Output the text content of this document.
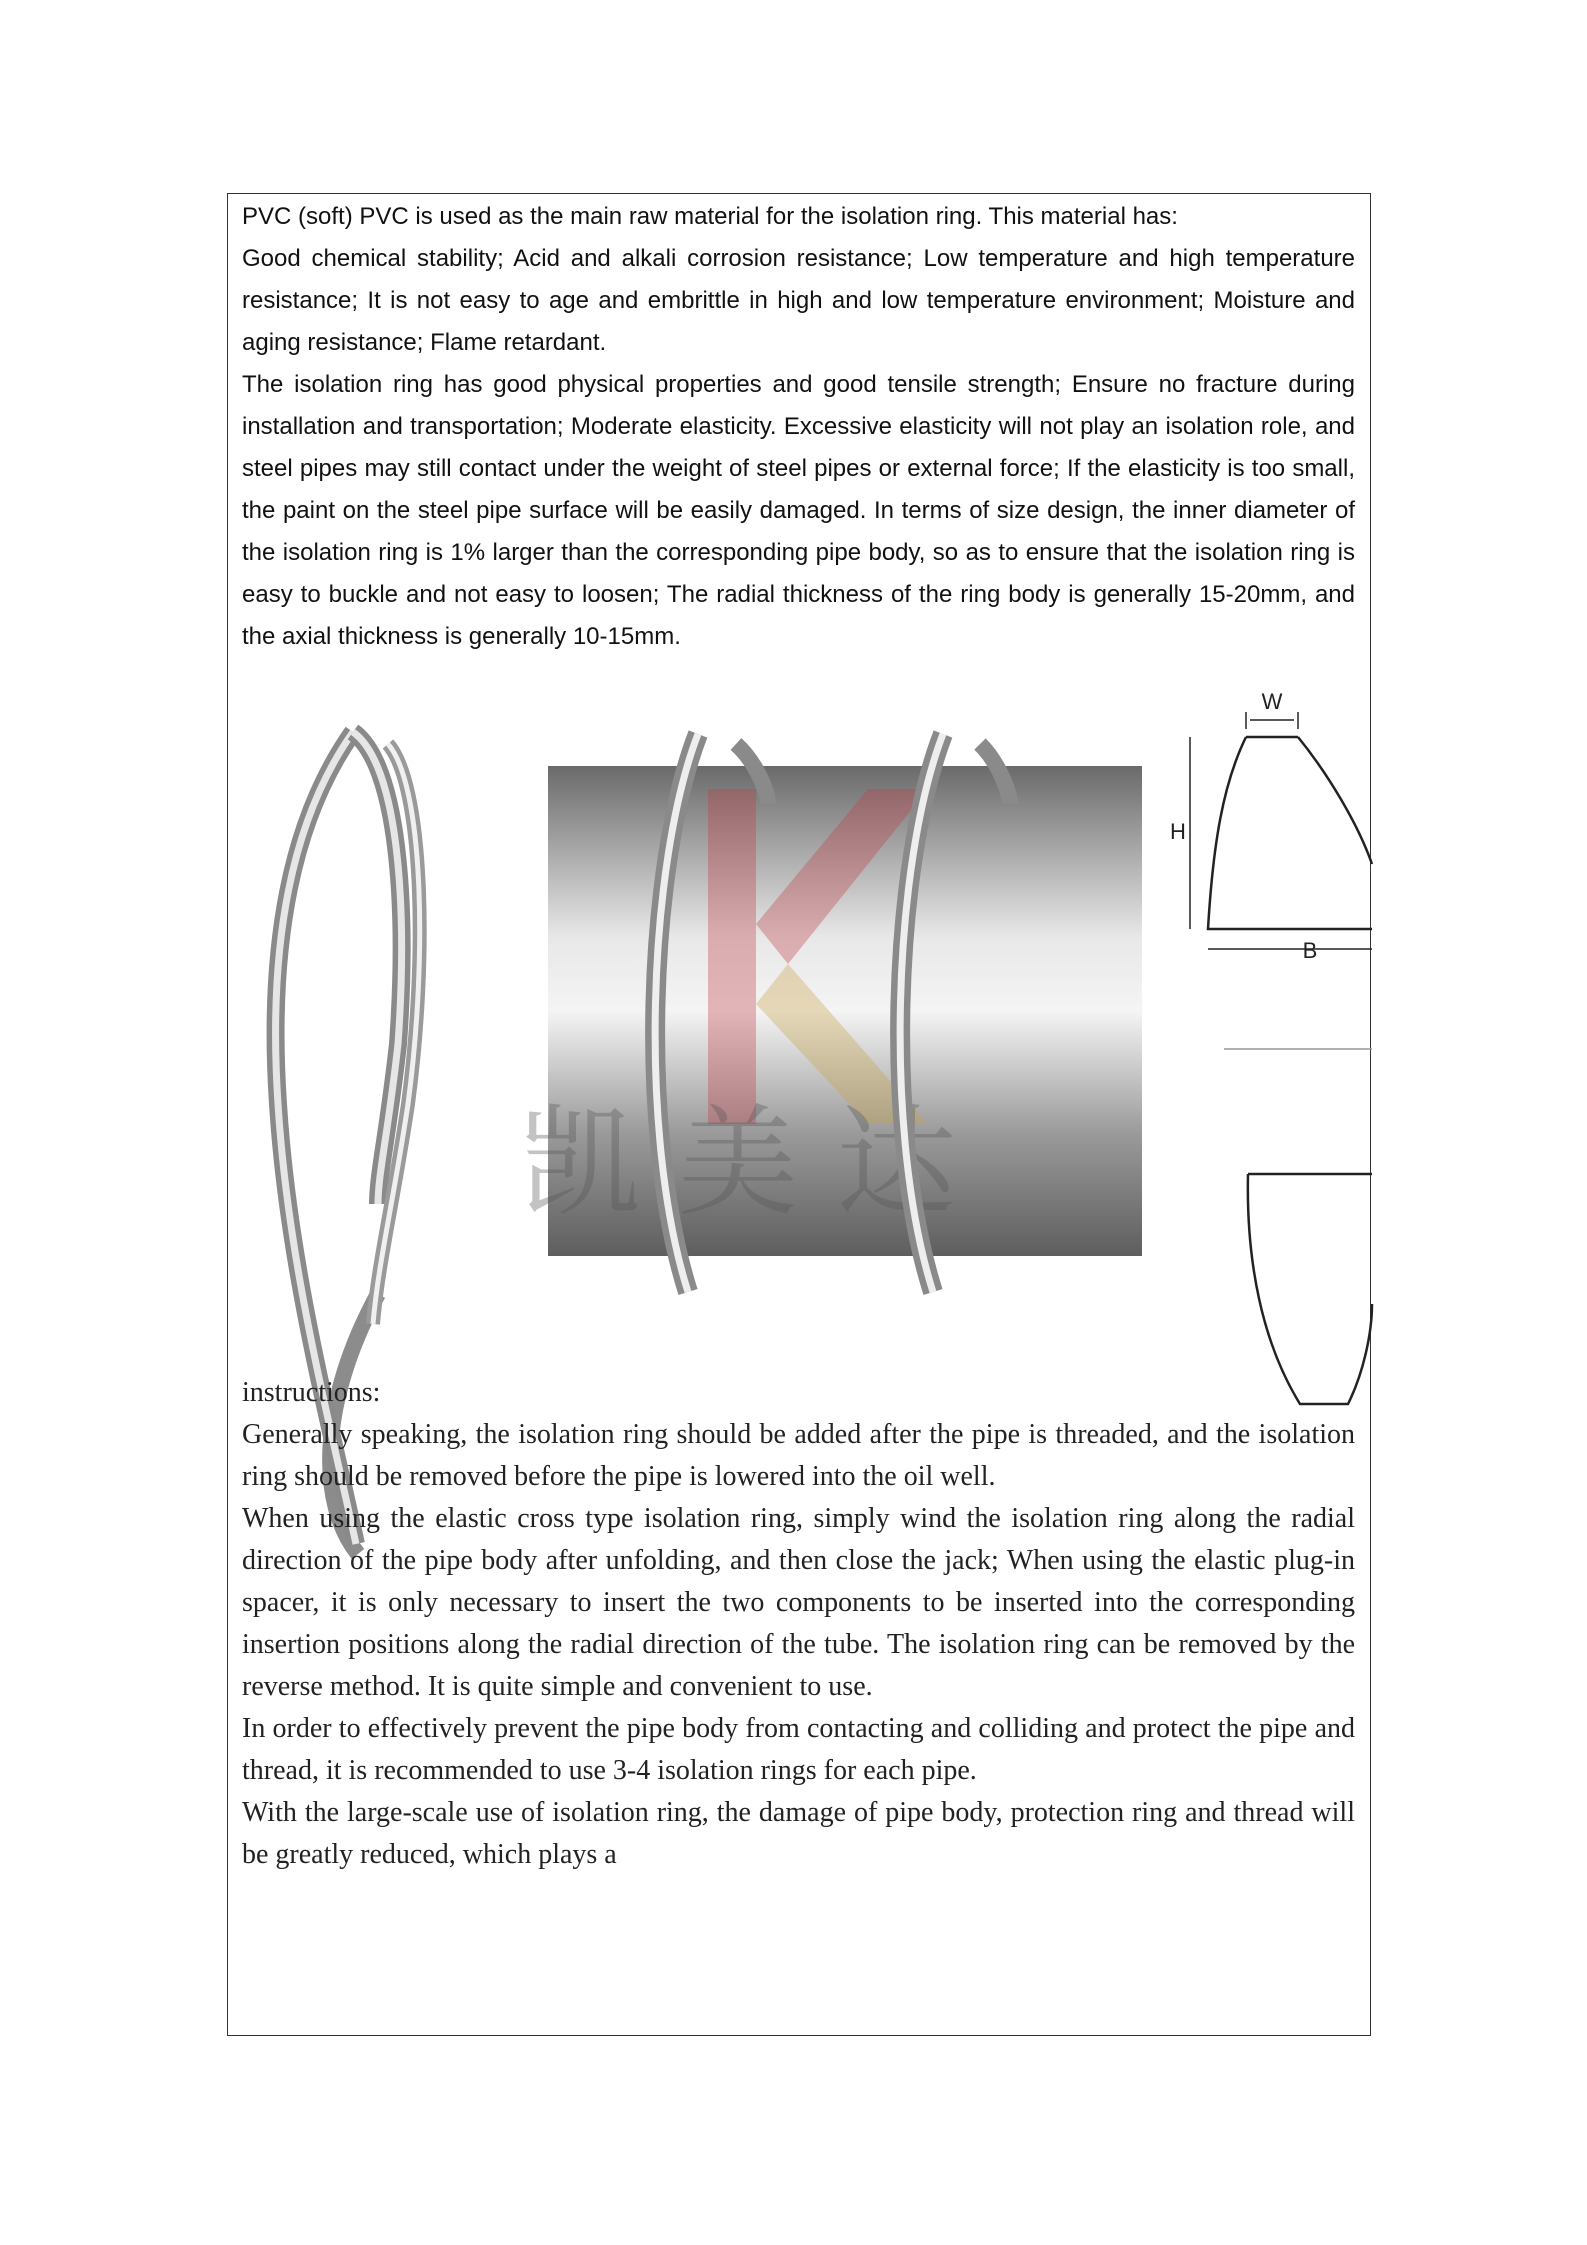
PVC (soft) PVC is used as the main raw material for the isolation ring. This material has:

Good chemical stability; Acid and alkali corrosion resistance; Low temperature and high temperature resistance; It is not easy to age and embrittle in high and low temperature environment; Moisture and aging resistance; Flame retardant.

The isolation ring has good physical properties and good tensile strength; Ensure no fracture during installation and transportation; Moderate elasticity. Excessive elasticity will not play an isolation role, and steel pipes may still contact under the weight of steel pipes or external force; If the elasticity is too small, the paint on the steel pipe surface will be easily damaged. In terms of size design, the inner diameter of the isolation ring is 1% larger than the corresponding pipe body, so as to ensure that the isolation ring is easy to buckle and not easy to loosen; The radial thickness of the ring body is generally 15-20mm, and the axial thickness is generally 10-15mm.

凯 美 达
W
H
B

instructions:

Generally speaking, the isolation ring should be added after the pipe is threaded, and the isolation ring should be removed before the pipe is lowered into the oil well.

When using the elastic cross type isolation ring, simply wind the isolation ring along the radial direction of the pipe body after unfolding, and then close the jack; When using the elastic plug-in spacer, it is only necessary to insert the two components to be inserted into the corresponding insertion positions along the radial direction of the tube. The isolation ring can be removed by the reverse method. It is quite simple and convenient to use.

In order to effectively prevent the pipe body from contacting and colliding and protect the pipe and thread, it is recommended to use 3-4 isolation rings for each pipe.

With the large-scale use of isolation ring, the damage of pipe body, protection ring and thread will be greatly reduced, which plays a
